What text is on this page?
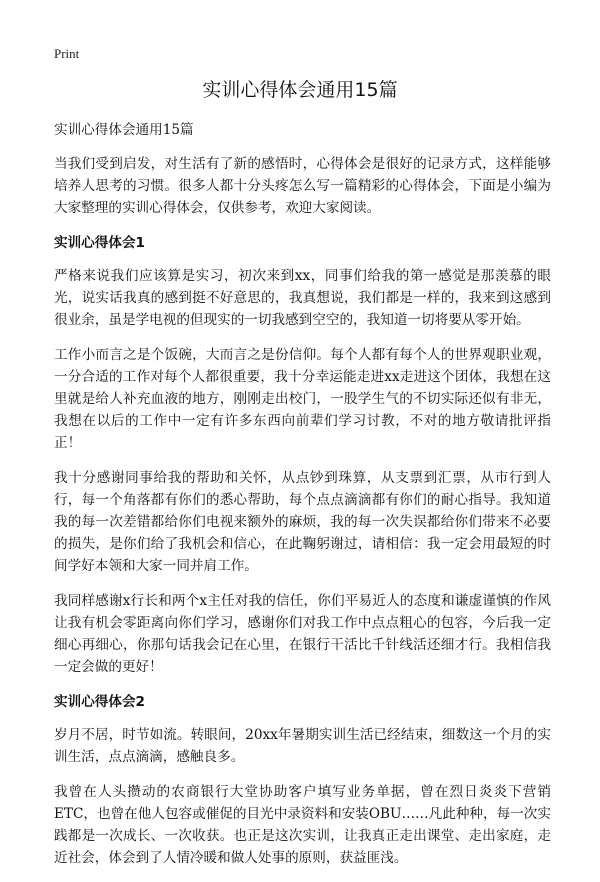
Print
实训心得体会通用15篇

实训心得体会通用15篇

当我们受到启发，对生活有了新的感悟时，心得体会是很好的记录方式，这样能够培养人思考的习惯。很多人都十分头疼怎么写一篇精彩的心得体会，下面是小编为大家整理的实训心得体会，仅供参考，欢迎大家阅读。

实训心得体会1

严格来说我们应该算是实习，初次来到xx，同事们给我的第一感觉是那羡慕的眼光，说实话我真的感到挺不好意思的，我真想说，我们都是一样的，我来到这感到很业余，虽是学电视的但现实的一切我感到空空的，我知道一切将要从零开始。

工作小而言之是个饭碗，大而言之是份信仰。每个人都有每个人的世界观职业观，一分合适的工作对每个人都很重要，我十分幸运能走进xx走进这个团体，我想在这里就是给人补充血液的地方，刚刚走出校门，一股学生气的不切实际还似有非无，我想在以后的工作中一定有许多东西向前辈们学习讨教，不对的地方敬请批评指正！

我十分感谢同事给我的帮助和关怀，从点钞到珠算，从支票到汇票，从市行到人行，每一个角落都有你们的悉心帮助，每个点点滴滴都有你们的耐心指导。我知道我的每一次差错都给你们电视来额外的麻烦，我的每一次失误都给你们带来不必要的损失，是你们给了我机会和信心，在此鞠躬谢过，请相信：我一定会用最短的时间学好本领和大家一同并肩工作。

我同样感谢x行长和两个x主任对我的信任，你们平易近人的态度和谦虚谨慎的作风让我有机会零距离向你们学习，感谢你们对我工作中点点粗心的包容，今后我一定细心再细心，你那句话我会记在心里，在银行干活比千针线活还细才行。我相信我一定会做的更好！

实训心得体会2

岁月不居，时节如流。转眼间，20xx年暑期实训生活已经结束，细数这一个月的实训生活，点点滴滴，感触良多。

我曾在人头攒动的农商银行大堂协助客户填写业务单据，曾在烈日炎炎下营销ETC，也曾在他人包容或催促的目光中录资料和安装OBU……凡此种种，每一次实践都是一次成长、一次收获。也正是这次实训，让我真正走出课堂、走出家庭，走近社会，体会到了人情冷暖和做人处事的原则，获益匪浅。
